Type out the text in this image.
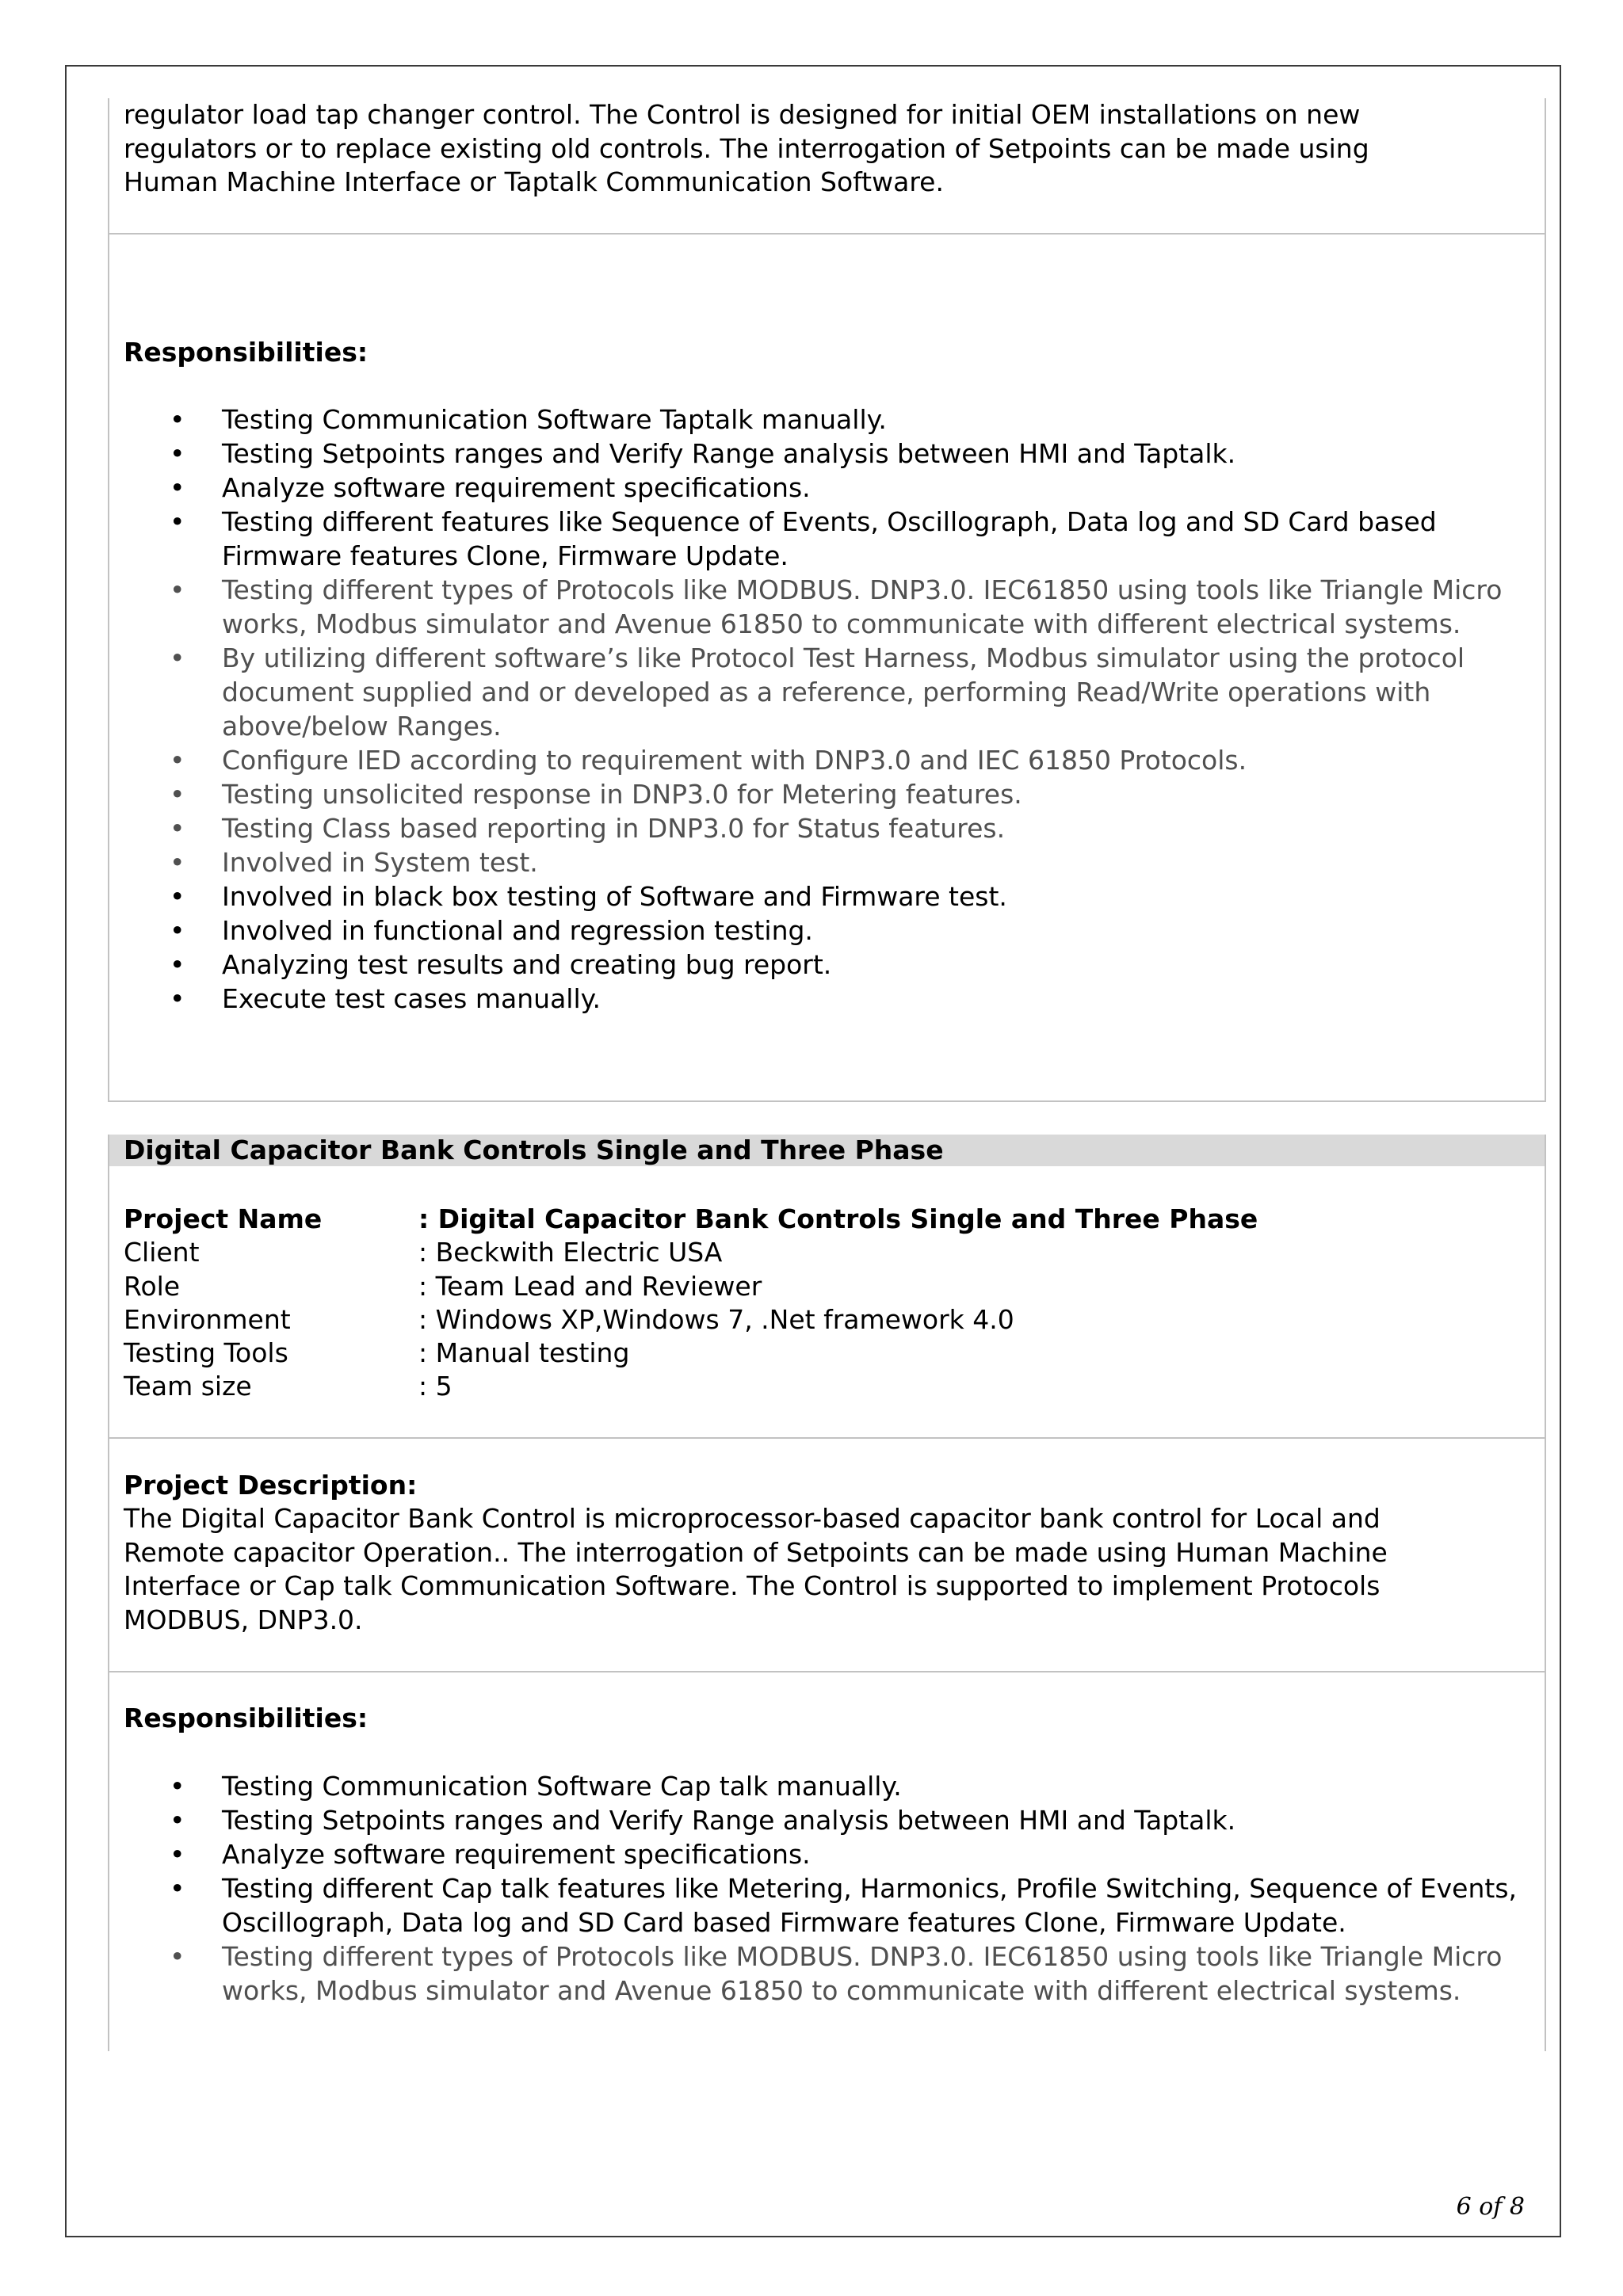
regulator load tap changer control. The Control is designed for initial OEM installations on new
regulators or to replace existing old controls. The interrogation of Setpoints can be made using
Human Machine Interface or Taptalk Communication Software.
Responsibilities:
• Testing Communication Software Taptalk manually.
• Testing Setpoints ranges and Verify Range analysis between HMI and Taptalk.
• Analyze software requirement specifications.
• Testing different features like Sequence of Events, Oscillograph, Data log and SD Card based Firmware features Clone, Firmware Update.
• Testing different types of Protocols like MODBUS. DNP3.0. IEC61850 using tools like Triangle Micro works, Modbus simulator and Avenue 61850 to communicate with different electrical systems.
• By utilizing different software’s like Protocol Test Harness, Modbus simulator using the protocol document supplied and or developed as a reference, performing Read/Write operations with above/below Ranges.
• Configure IED according to requirement with DNP3.0 and IEC 61850 Protocols.
• Testing unsolicited response in DNP3.0 for Metering features.
• Testing Class based reporting in DNP3.0 for Status features.
• Involved in System test.
• Involved in black box testing of Software and Firmware test.
• Involved in functional and regression testing.
• Analyzing test results and creating bug report.
• Execute test cases manually.
Digital Capacitor Bank Controls Single and Three Phase
Project Name	: Digital Capacitor Bank Controls Single and Three Phase
Client	: Beckwith Electric USA
Role	: Team Lead and Reviewer
Environment	: Windows XP,Windows 7, .Net framework 4.0
Testing Tools	: Manual testing
Team size	: 5
Project Description:
The Digital Capacitor Bank Control is microprocessor-based capacitor bank control for Local and
Remote capacitor Operation.. The interrogation of Setpoints can be made using Human Machine
Interface or Cap talk Communication Software. The Control is supported to implement Protocols
MODBUS, DNP3.0.
Responsibilities:
• Testing Communication Software Cap talk manually.
• Testing Setpoints ranges and Verify Range analysis between HMI and Taptalk.
• Analyze software requirement specifications.
• Testing different Cap talk features like Metering, Harmonics, Profile Switching, Sequence of Events, Oscillograph, Data log and SD Card based Firmware features Clone, Firmware Update.
• Testing different types of Protocols like MODBUS. DNP3.0. IEC61850 using tools like Triangle Micro works, Modbus simulator and Avenue 61850 to communicate with different electrical systems.
6 of 8
